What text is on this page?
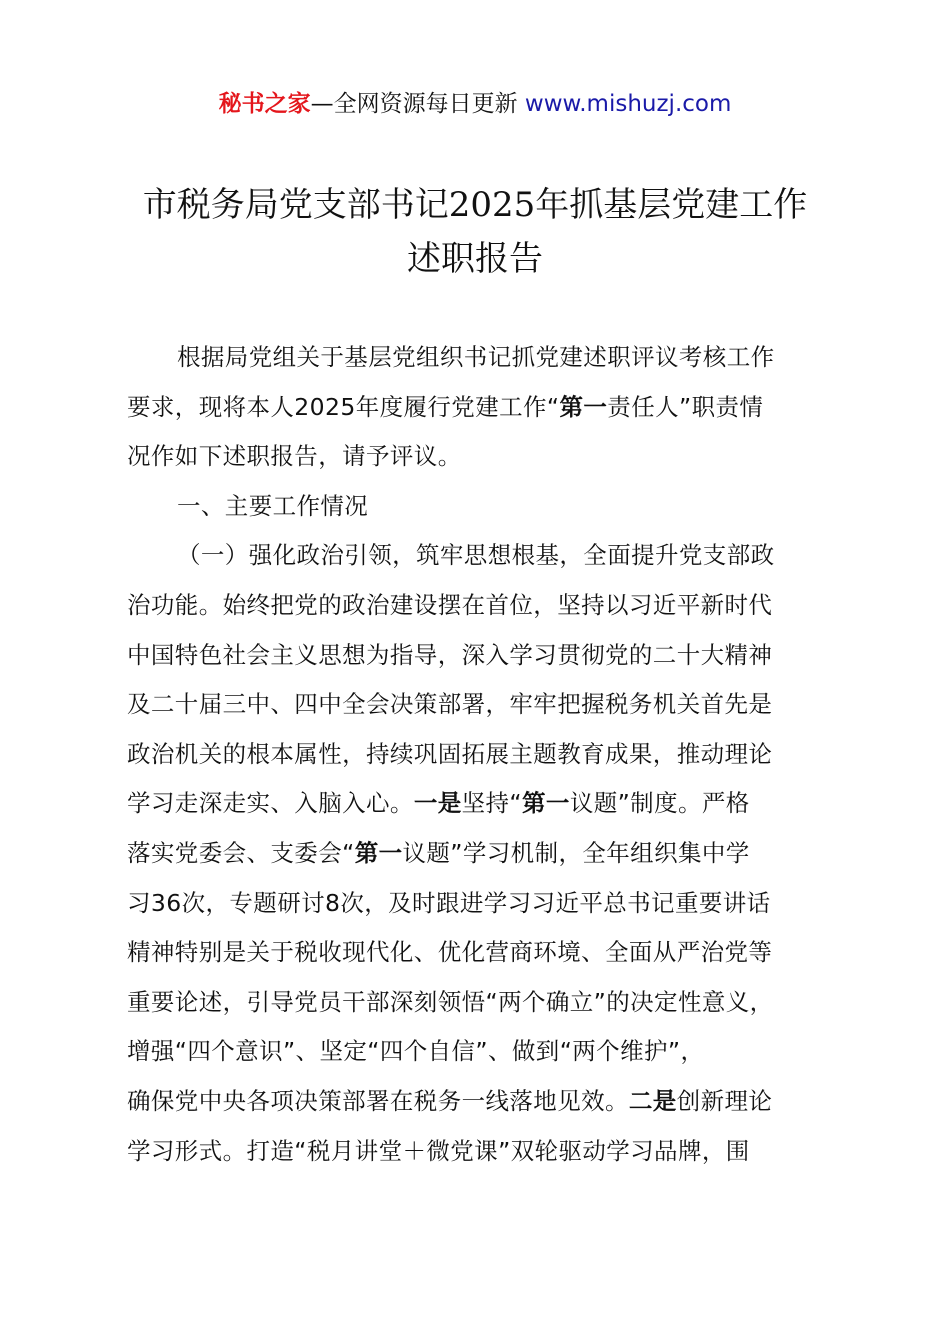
秘书之家—全网资源每日更新 www.mishuzj.com
市税务局党支部书记2025年抓基层党建工作
述职报告
根据局党组关于基层党组织书记抓党建述职评议考核工作
要求，现将本人2025年度履行党建工作“第一责任人”职责情
况作如下述职报告，请予评议。
一、主要工作情况
（一）强化政治引领，筑牢思想根基，全面提升党支部政
治功能。始终把党的政治建设摆在首位，坚持以习近平新时代
中国特色社会主义思想为指导，深入学习贯彻党的二十大精神
及二十届三中、四中全会决策部署，牢牢把握税务机关首先是
政治机关的根本属性，持续巩固拓展主题教育成果，推动理论
学习走深走实、入脑入心。一是坚持“第一议题”制度。严格
落实党委会、支委会“第一议题”学习机制，全年组织集中学
习36次，专题研讨8次，及时跟进学习习近平总书记重要讲话
精神特别是关于税收现代化、优化营商环境、全面从严治党等
重要论述，引导党员干部深刻领悟“两个确立”的决定性意义，
增强“四个意识”、坚定“四个自信”、做到“两个维护”，
确保党中央各项决策部署在税务一线落地见效。二是创新理论
学习形式。打造“税月讲堂＋微党课”双轮驱动学习品牌，围
